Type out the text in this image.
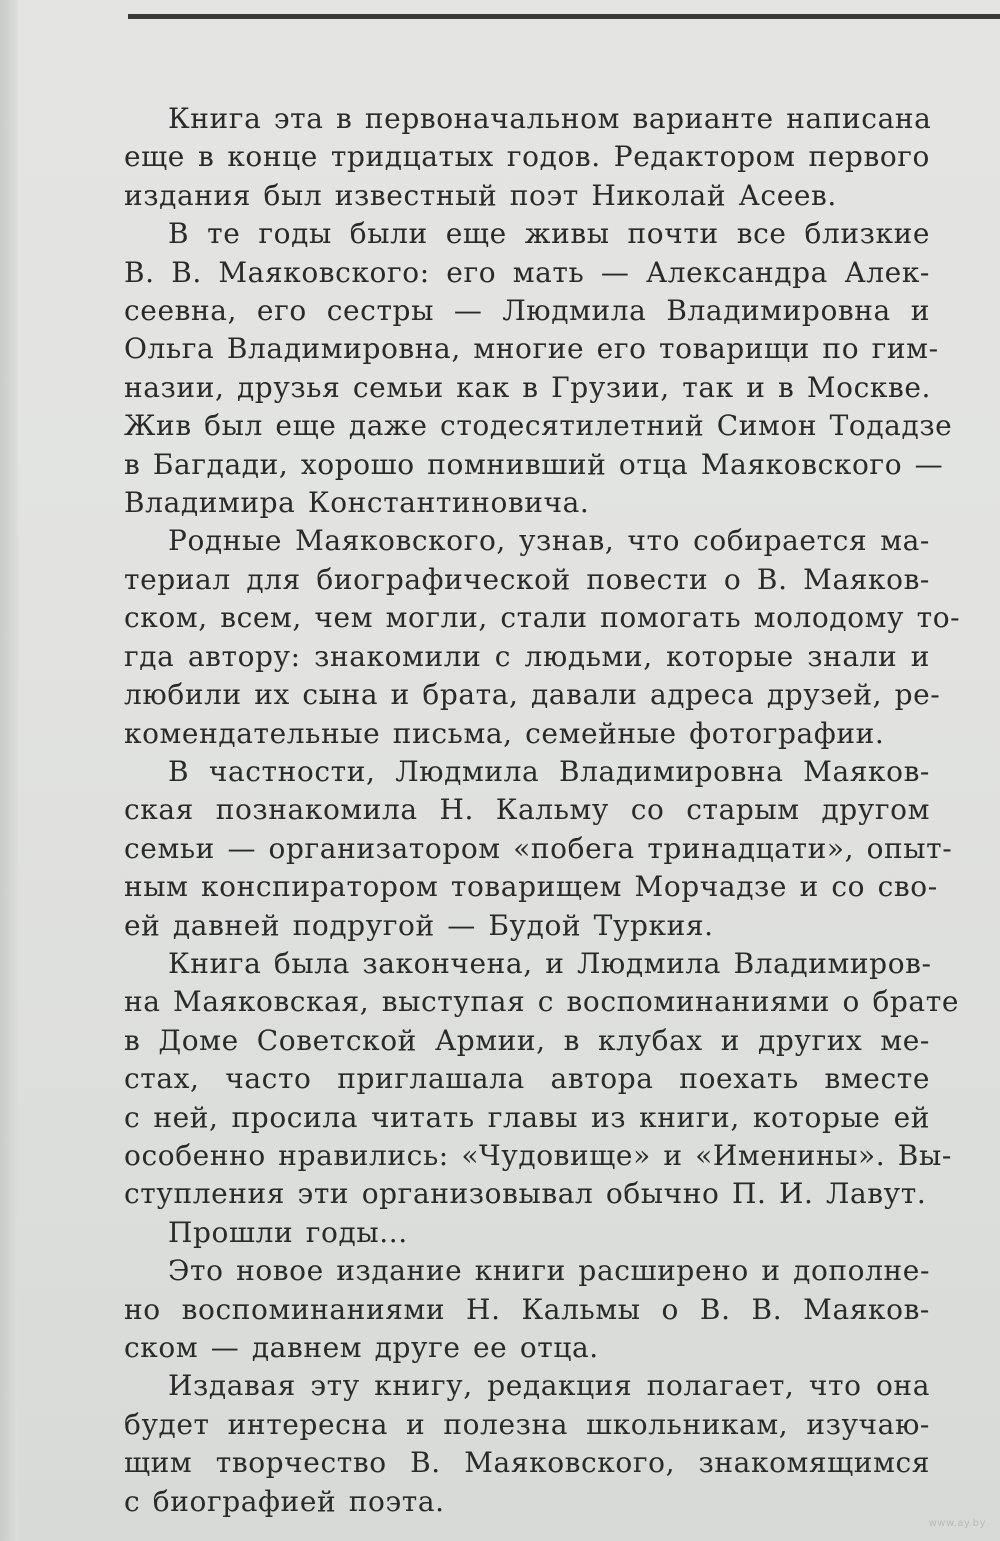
Книга эта в первоначальном варианте написана
еще в конце тридцатых годов. Редактором первого
издания был известный поэт Николай Асеев.
В те годы были еще живы почти все близкие
В. В. Маяковского: его мать — Александра Алек-
сеевна, его сестры — Людмила Владимировна и
Ольга Владимировна, многие его товарищи по гим-
назии, друзья семьи как в Грузии, так и в Москве.
Жив был еще даже стодесятилетний Симон Тодадзе
в Багдади, хорошо помнивший отца Маяковского —
Владимира Константиновича.
Родные Маяковского, узнав, что собирается ма-
териал для биографической повести о В. Маяков-
ском, всем, чем могли, стали помогать молодому то-
гда автору: знакомили с людьми, которые знали и
любили их сына и брата, давали адреса друзей, ре-
комендательные письма, семейные фотографии.
В частности, Людмила Владимировна Маяков-
ская познакомила Н. Кальму со старым другом
семьи — организатором «побега тринадцати», опыт-
ным конспиратором товарищем Морчадзе и со сво-
ей давней подругой — Будой Туркия.
Книга была закончена, и Людмила Владимиров-
на Маяковская, выступая с воспоминаниями о брате
в Доме Советской Армии, в клубах и других ме-
стах, часто приглашала автора поехать вместе
с ней, просила читать главы из книги, которые ей
особенно нравились: «Чудовище» и «Именины». Вы-
ступления эти организовывал обычно П. И. Лавут.
Прошли годы...
Это новое издание книги расширено и дополне-
но воспоминаниями Н. Кальмы о В. В. Маяков-
ском — давнем друге ее отца.
Издавая эту книгу, редакция полагает, что она
будет интересна и полезна школьникам, изучаю-
щим творчество В. Маяковского, знакомящимся
с биографией поэта.
www.ay.by
